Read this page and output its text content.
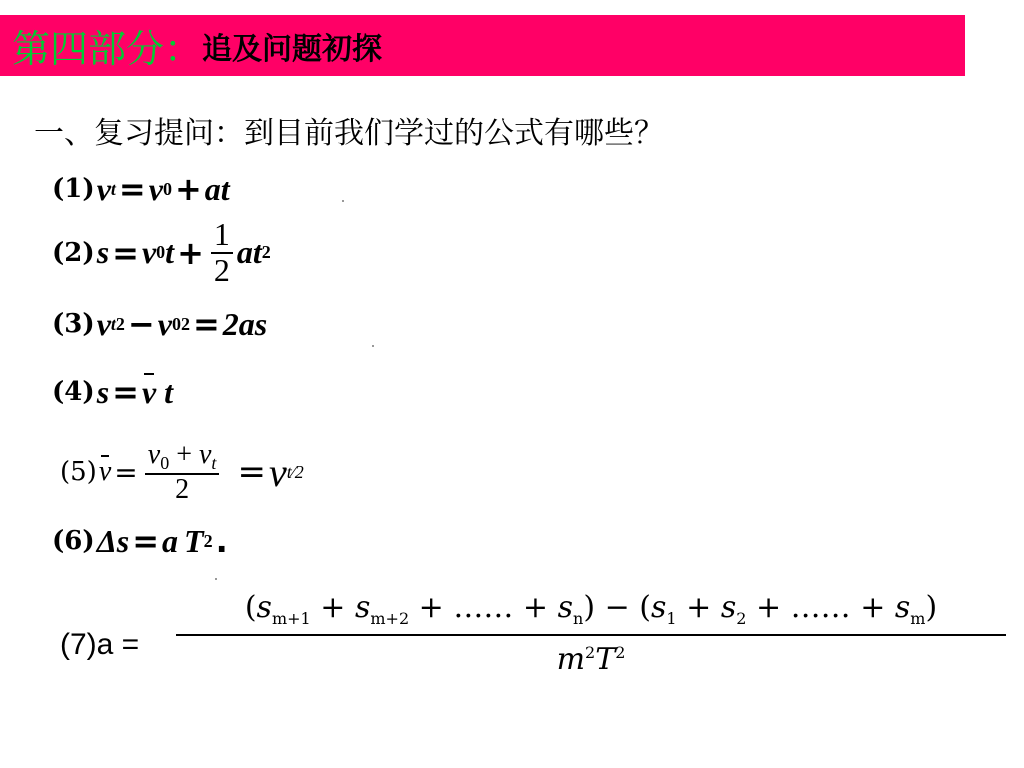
第四部分： 追及问题初探
一、复习提问：到目前我们学过的公式有哪些？
(1) v t = v 0 + at
(2) s = v 0 $t + \frac{1}{2}$ at 2
(3) v t 2 − v 0 2 = 2as
(4) s = v t
(5) $v = \frac{v_0 + v_t}{2} = v$ t⁄2
(6) Δs = a T 2 .
(7)a =
($s_{m+1} + s_{m+2}$ + …… + $s_n) - (s_1 + s_2$ + …… + $s_m$)
$m^2T^2$
